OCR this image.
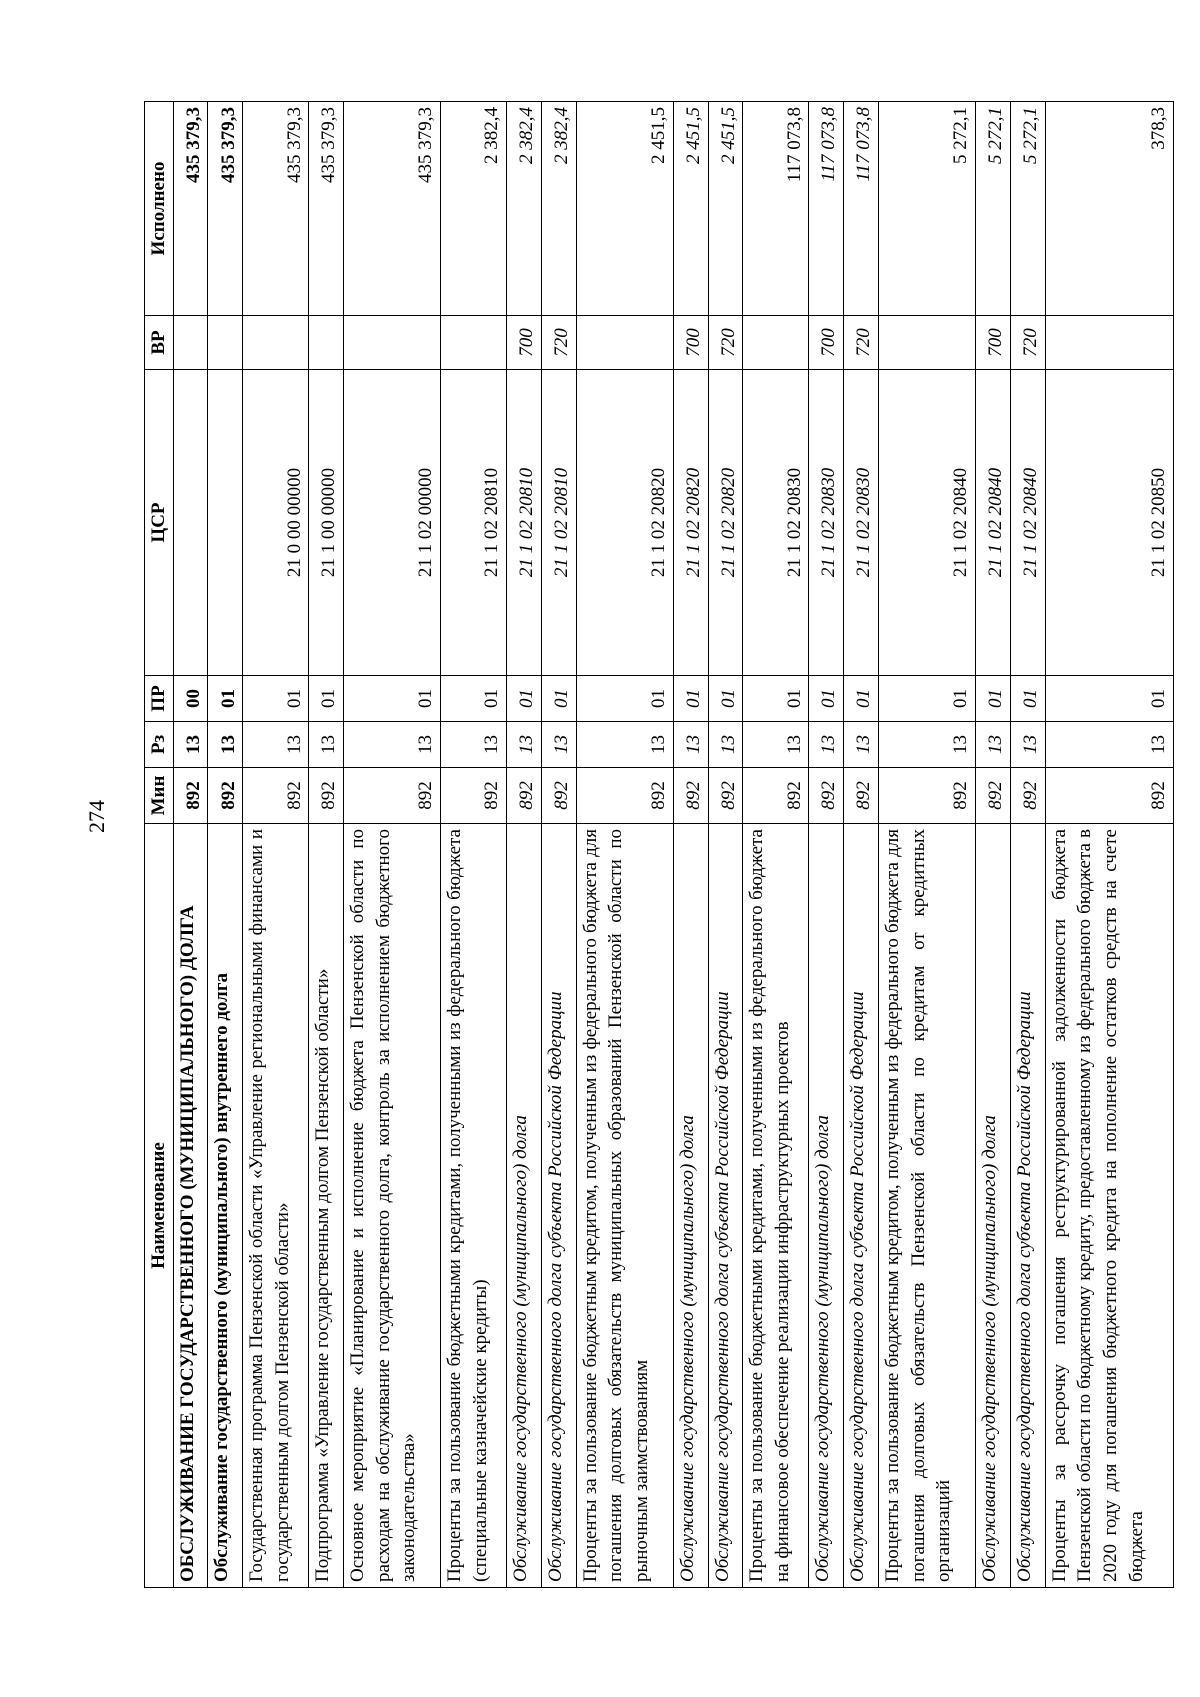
274
Наименование	Мин	Рз	ПР	ЦСР	ВР	Исполнено
ОБСЛУЖИВАНИЕ ГОСУДАРСТВЕННОГО (МУНИЦИПАЛЬНОГО) ДОЛГА	892	13	00			435 379,3
Обслуживание государственного (муниципального) внутреннего долга	892	13	01			435 379,3
Государственная программа Пензенской области «Управление региональными финансами и государственным долгом Пензенской области»	892	13	01	21 0 00 00000		435 379,3
Подпрограмма «Управление государственным долгом Пензенской области»	892	13	01	21 1 00 00000		435 379,3
Основное мероприятие «Планирование и исполнение бюджета Пензенской области по расходам на обслуживание государственного долга, контроль за исполнением бюджетного законодательства»	892	13	01	21 1 02 00000		435 379,3
Проценты за пользование бюджетными кредитами, полученными из федерального бюджета (специальные казначейские кредиты)	892	13	01	21 1 02 20810		2 382,4
Обслуживание государственного (муниципального) долга	892	13	01	21 1 02 20810	700	2 382,4
Обслуживание государственного долга субъекта Российской Федерации	892	13	01	21 1 02 20810	720	2 382,4
Проценты за пользование бюджетным кредитом, полученным из федерального бюджета для погашения долговых обязательств муниципальных образований Пензенской области по рыночным заимствованиям	892	13	01	21 1 02 20820		2 451,5
Обслуживание государственного (муниципального) долга	892	13	01	21 1 02 20820	700	2 451,5
Обслуживание государственного долга субъекта Российской Федерации	892	13	01	21 1 02 20820	720	2 451,5
Проценты за пользование бюджетными кредитами, полученными из федерального бюджета на финансовое обеспечение реализации инфраструктурных проектов	892	13	01	21 1 02 20830		117 073,8
Обслуживание государственного (муниципального) долга	892	13	01	21 1 02 20830	700	117 073,8
Обслуживание государственного долга субъекта Российской Федерации	892	13	01	21 1 02 20830	720	117 073,8
Проценты за пользование бюджетным кредитом, полученным из федерального бюджета для погашения долговых обязательств Пензенской области по кредитам от кредитных организаций	892	13	01	21 1 02 20840		5 272,1
Обслуживание государственного (муниципального) долга	892	13	01	21 1 02 20840	700	5 272,1
Обслуживание государственного долга субъекта Российской Федерации	892	13	01	21 1 02 20840	720	5 272,1
Проценты за рассрочку погашения реструктурированной задолженности бюджета Пензенской области по бюджетному кредиту, предоставленному из федерального бюджета в 2020 году для погашения бюджетного кредита на пополнение остатков средств на счете бюджета	892	13	01	21 1 02 20850		378,3
